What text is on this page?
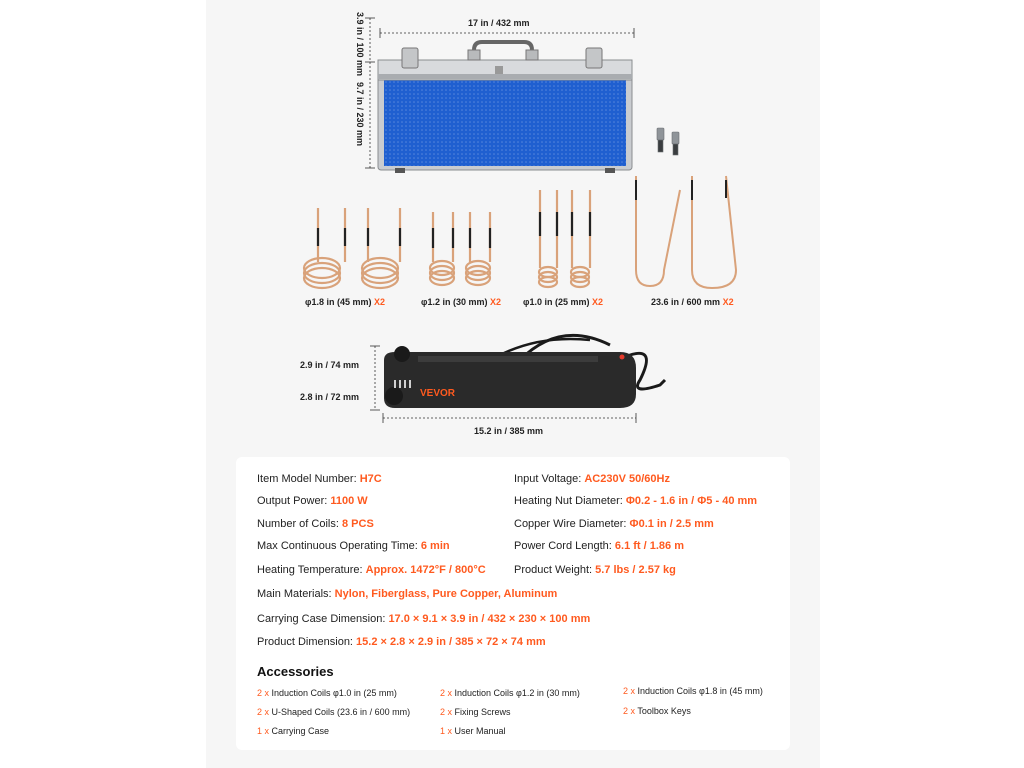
17 in / 432 mm
3.9 in / 100 mm
9.7 in / 230 mm
φ1.8 in (45 mm) X2	φ1.2 in (30 mm) X2 φ1.0 in (25 mm) X2	23.6 in / 600 mm X2
2.9 in / 74 mm
2.8 in / 72 mm
15.2 in / 385 mm
VEVOR
Item Model Number: H7C
Output Power: 1100 W
Number of Coils: 8 PCS
Max Continuous Operating Time: 6 min
Heating Temperature: Approx. 1472°F / 800°C
Input Voltage: AC230V 50/60Hz
Heating Nut Diameter: Φ0.2 - 1.6 in / Φ5 - 40 mm
Copper Wire Diameter: Φ0.1 in / 2.5 mm
Power Cord Length: 6.1 ft / 1.86 m
Product Weight: 5.7 lbs / 2.57 kg
Main Materials: Nylon, Fiberglass, Pure Copper, Aluminum
Carrying Case Dimension: 17.0 × 9.1 × 3.9 in / 432 × 230 × 100 mm
Product Dimension: 15.2 × 2.8 × 2.9 in / 385 × 72 × 74 mm
Accessories
2 x Induction Coils φ1.0 in (25 mm)	2 x Induction Coils φ1.2 in (30 mm)	2 x Induction Coils φ1.8 in (45 mm)
2 x U-Shaped Coils (23.6 in / 600 mm)	2 x Fixing Screws	2 x Toolbox Keys
1 x Carrying Case	1 x User Manual
